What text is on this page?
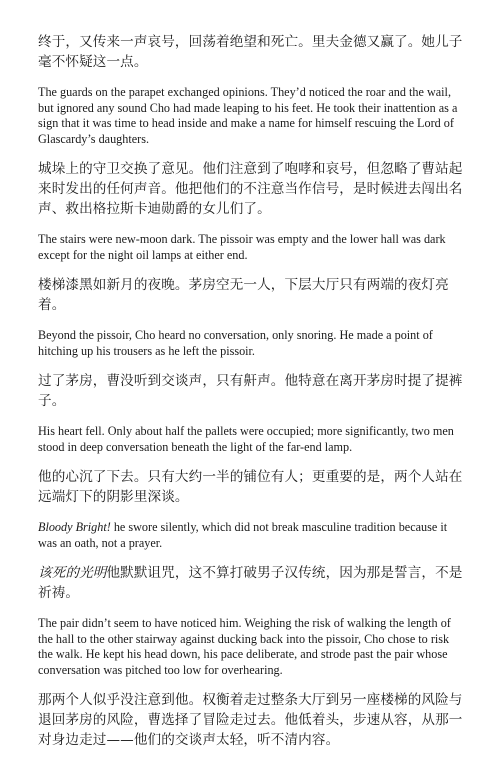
终于，又传来一声哀号，回荡着绝望和死亡。里夫金德又赢了。她儿子毫不怀疑这一点。

The guards on the parapet exchanged opinions. They’d noticed the roar and the wail, but ignored any sound Cho had made leaping to his feet. He took their inattention as a sign that it was time to head inside and make a name for himself rescuing the Lord of Glascardy’s daughters.

城垛上的守卫交换了意见。他们注意到了咆哮和哀号，但忽略了曹站起来时发出的任何声音。他把他们的不注意当作信号，是时候进去闯出名声、救出格拉斯卡迪勋爵的女儿们了。

The stairs were new-moon dark. The pissoir was empty and the lower hall was dark except for the night oil lamps at either end.

楼梯漆黑如新月的夜晚。茅房空无一人，下层大厅只有两端的夜灯亮着。

Beyond the pissoir, Cho heard no conversation, only snoring. He made a point of hitching up his trousers as he left the pissoir.

过了茅房，曹没听到交谈声，只有鼾声。他特意在离开茅房时提了提裤子。

His heart fell. Only about half the pallets were occupied; more significantly, two men stood in deep conversation beneath the light of the far-end lamp.

他的心沉了下去。只有大约一半的铺位有人；更重要的是，两个人站在远端灯下的阴影里深谈。

Bloody Bright! he swore silently, which did not break masculine tradition because it was an oath, not a prayer.

该死的光明他默默诅咒，这不算打破男子汉传统，因为那是誓言，不是祈祷。

The pair didn’t seem to have noticed him. Weighing the risk of walking the length of the hall to the other stairway against ducking back into the pissoir, Cho chose to risk the walk. He kept his head down, his pace deliberate, and strode past the pair whose conversation was pitched too low for overhearing.

那两个人似乎没注意到他。权衡着走过整条大厅到另一座楼梯的风险与退回茅房的风险，曹选择了冒险走过去。他低着头，步速从容，从那一对身边走过——他们的交谈声太轻，听不清内容。
